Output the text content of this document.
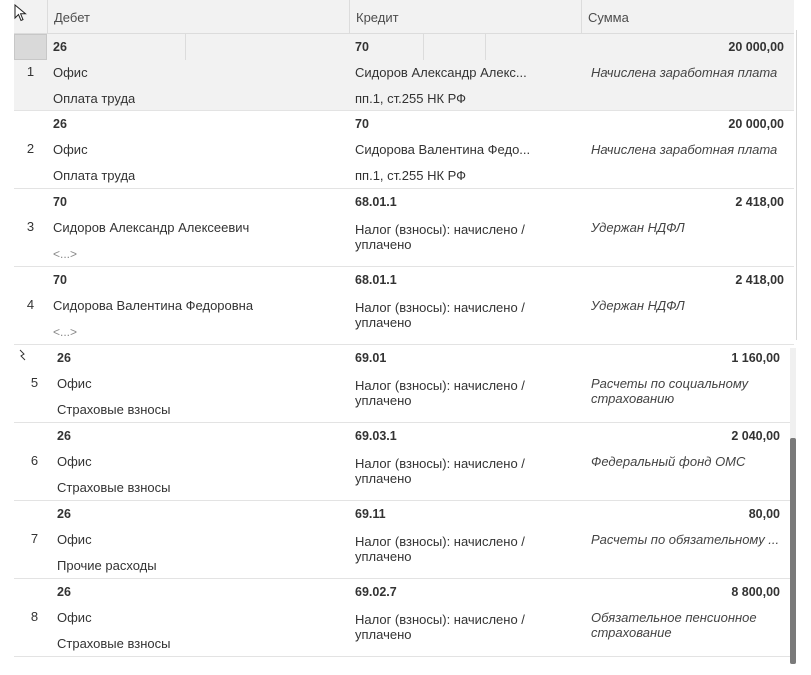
Дебет	Кредит	Сумма
1
26
Офис
Оплата труда
70
Сидоров Александр Алекс...
пп.1, ст.255 НК РФ
20 000,00
Начислена заработная плата
2
26
Офис
Оплата труда
70
Сидорова Валентина Федо...
пп.1, ст.255 НК РФ
20 000,00
Начислена заработная плата
3
70
Сидоров Александр Алексеевич
<...>
68.01.1
Налог (взносы): начислено / уплачено
2 418,00
Удержан НДФЛ
4
70
Сидорова Валентина Федоровна
<...>
68.01.1
Налог (взносы): начислено / уплачено
2 418,00
Удержан НДФЛ
5
26
Офис
Страховые взносы
69.01
Налог (взносы): начислено / уплачено
1 160,00
Расчеты по социальному страхованию
6
26
Офис
Страховые взносы
69.03.1
Налог (взносы): начислено / уплачено
2 040,00
Федеральный фонд ОМС
7
26
Офис
Прочие расходы
69.11
Налог (взносы): начислено / уплачено
80,00
Расчеты по обязательному ...
8
26
Офис
Страховые взносы
69.02.7
Налог (взносы): начислено / уплачено
8 800,00
Обязательное пенсионное страхование
